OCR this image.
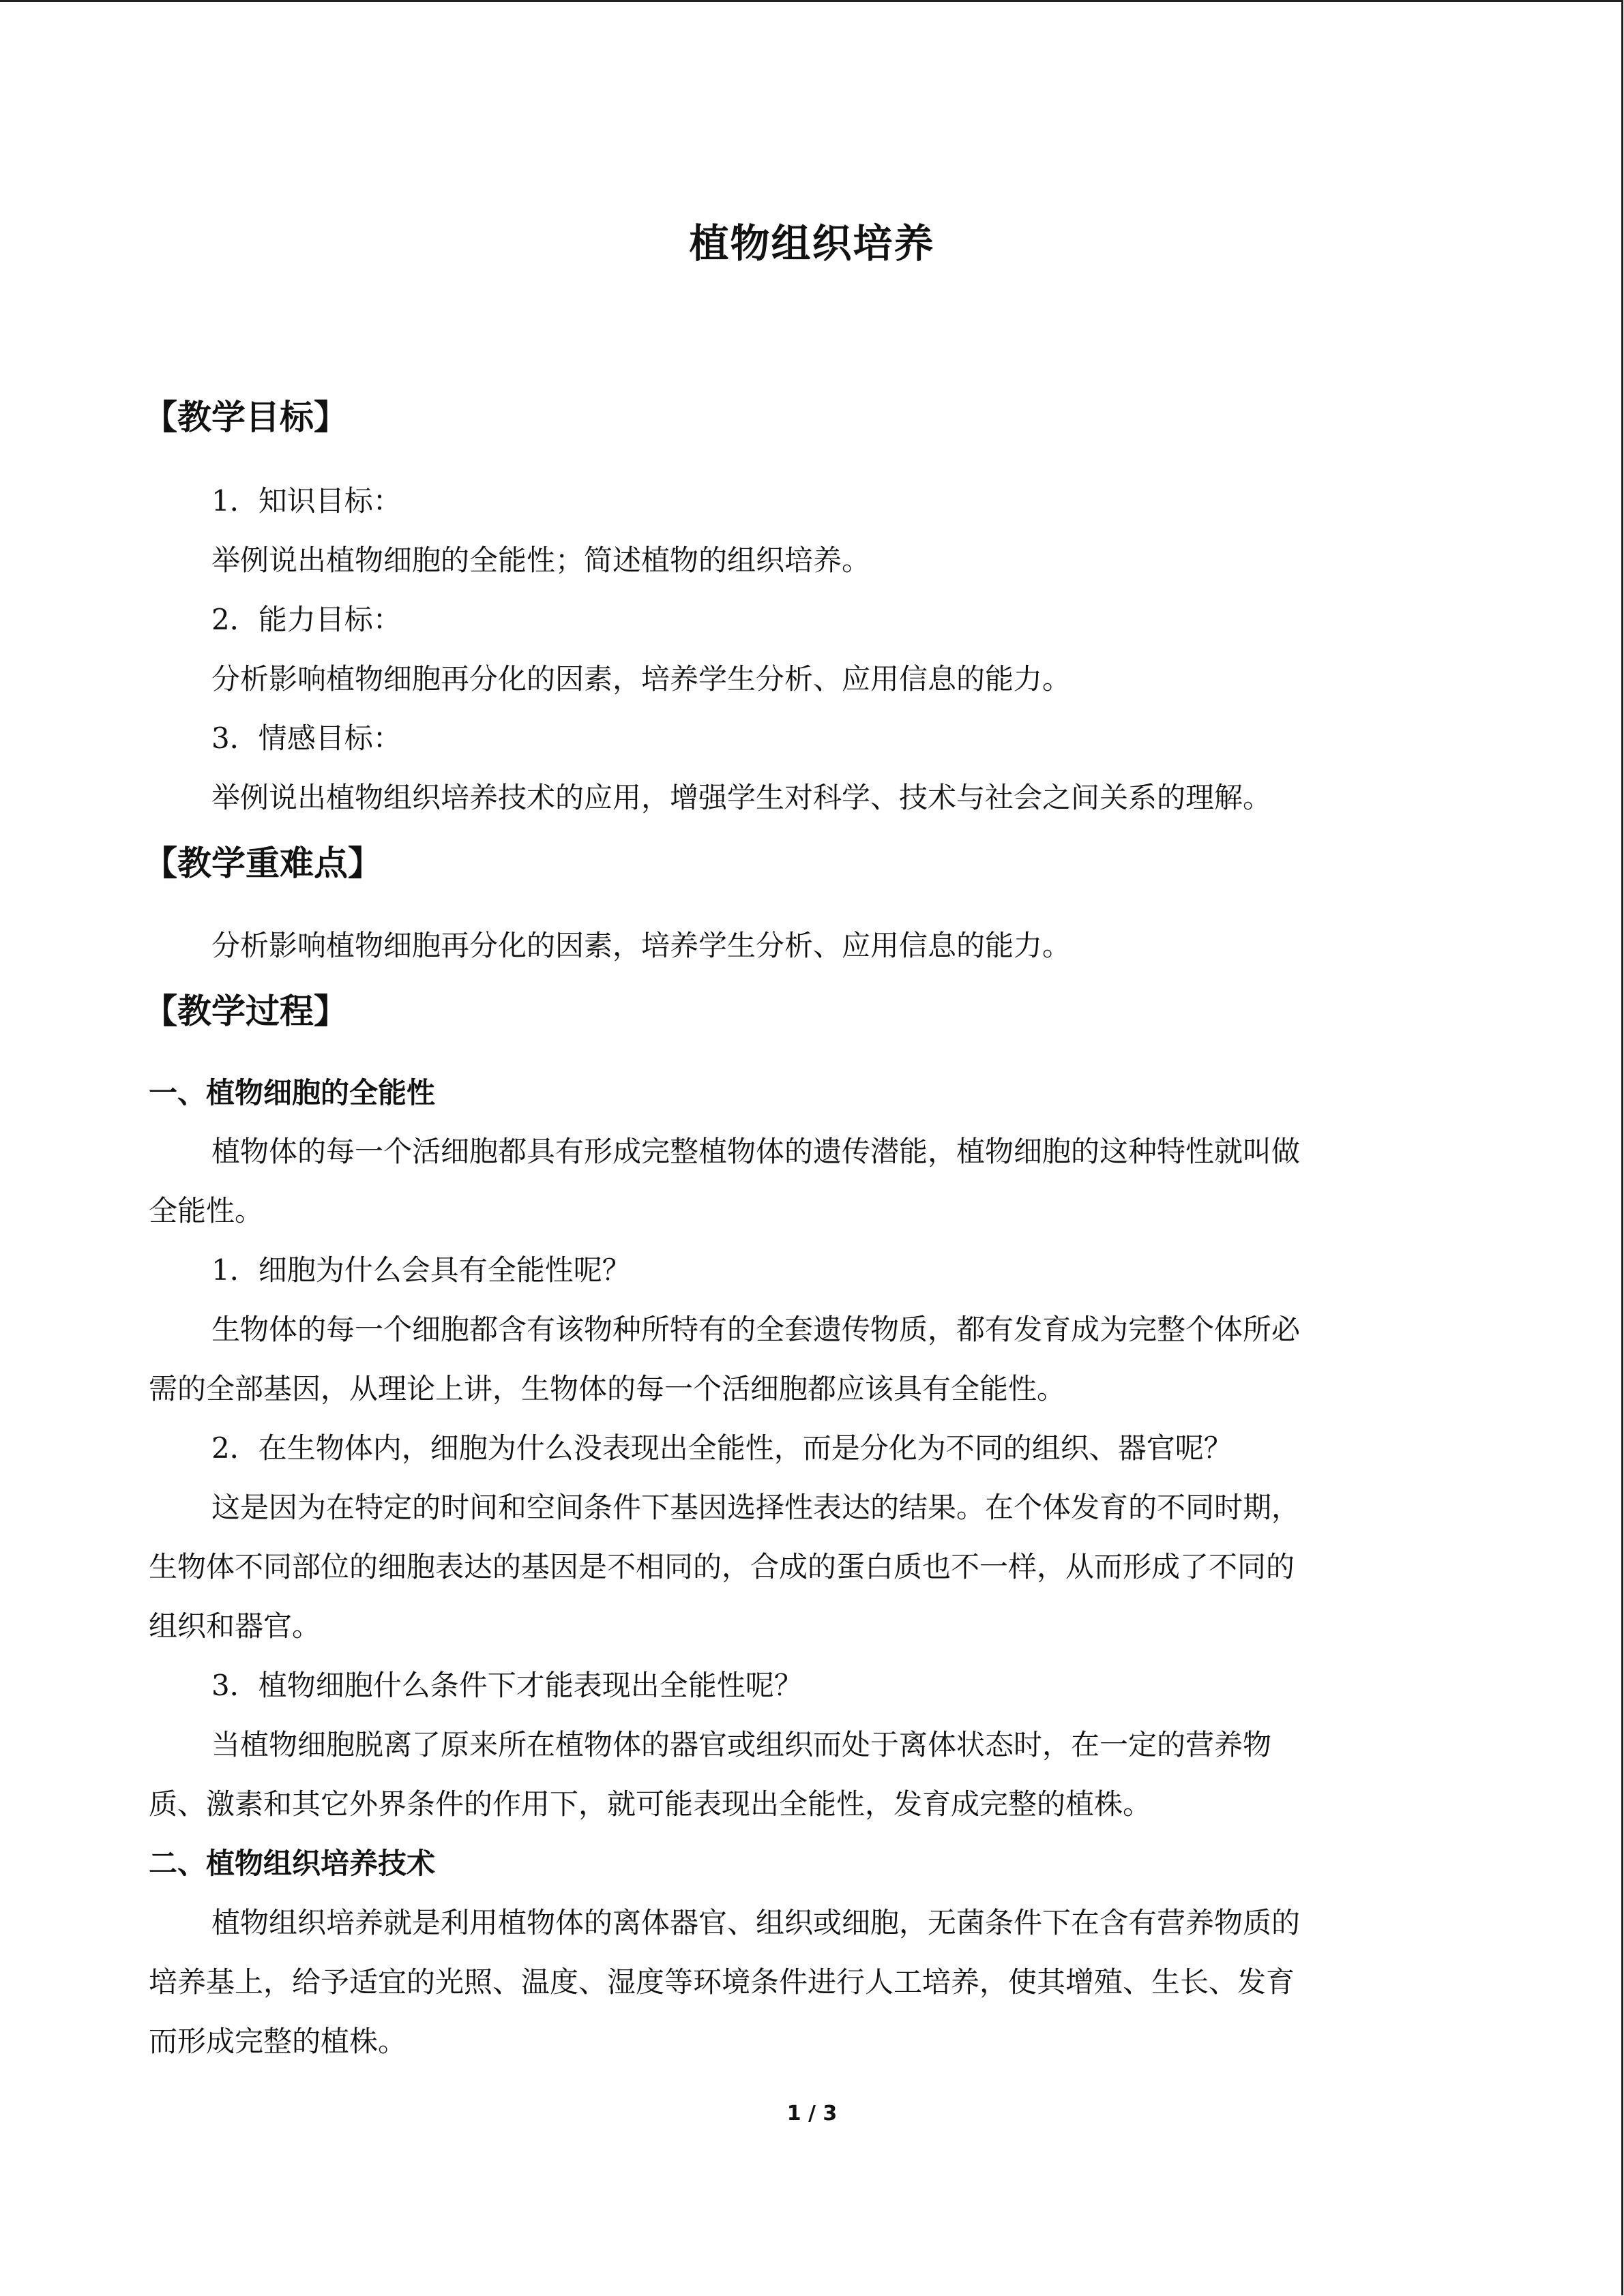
植物组织培养
【教学目标】

1．知识目标：

举例说出植物细胞的全能性；简述植物的组织培养。

2．能力目标：

分析影响植物细胞再分化的因素，培养学生分析、应用信息的能力。

3．情感目标：

举例说出植物组织培养技术的应用，增强学生对科学、技术与社会之间关系的理解。

【教学重难点】

分析影响植物细胞再分化的因素，培养学生分析、应用信息的能力。

【教学过程】
一、植物细胞的全能性

植物体的每一个活细胞都具有形成完整植物体的遗传潜能，植物细胞的这种特性就叫做

全能性。

1．细胞为什么会具有全能性呢？

生物体的每一个细胞都含有该物种所特有的全套遗传物质，都有发育成为完整个体所必

需的全部基因，从理论上讲，生物体的每一个活细胞都应该具有全能性。

2．在生物体内，细胞为什么没表现出全能性，而是分化为不同的组织、器官呢？

这是因为在特定的时间和空间条件下基因选择性表达的结果。在个体发育的不同时期，

生物体不同部位的细胞表达的基因是不相同的，合成的蛋白质也不一样，从而形成了不同的

组织和器官。

3．植物细胞什么条件下才能表现出全能性呢？

当植物细胞脱离了原来所在植物体的器官或组织而处于离体状态时，在一定的营养物

质、激素和其它外界条件的作用下，就可能表现出全能性，发育成完整的植株。

二、植物组织培养技术

植物组织培养就是利用植物体的离体器官、组织或细胞，无菌条件下在含有营养物质的

培养基上，给予适宜的光照、温度、湿度等环境条件进行人工培养，使其增殖、生长、发育

而形成完整的植株。

1 / 3
